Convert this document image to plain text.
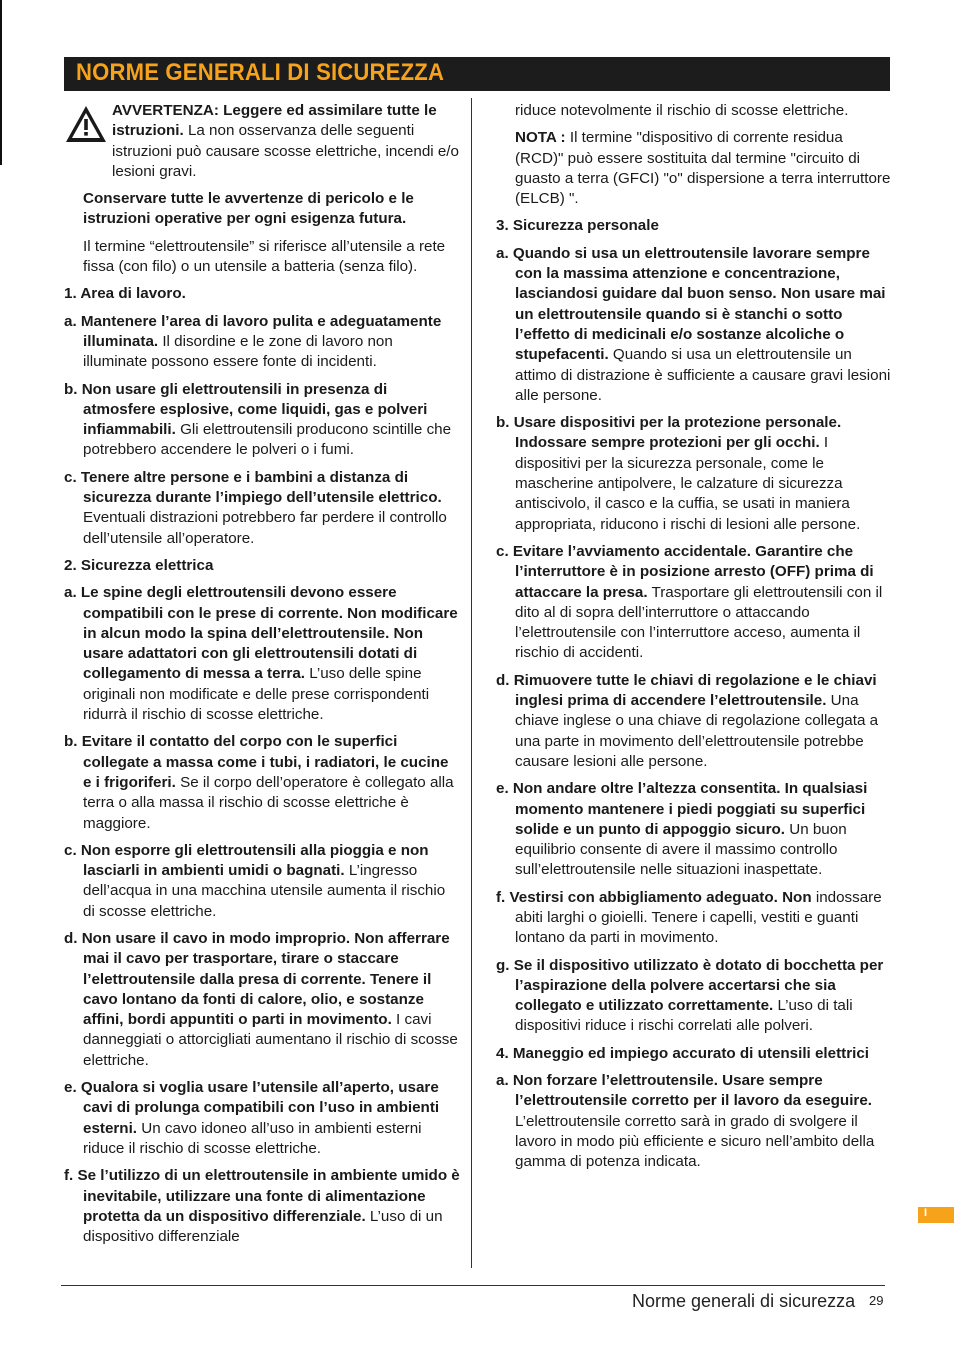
NORME GENERALI DI SICUREZZA

AVVERTENZA: Leggere ed assimilare tutte le istruzioni. La non osservanza delle seguenti istruzioni può causare scosse elettriche, incendi e/o lesioni gravi.

Conservare tutte le avvertenze di pericolo e le istruzioni operative per ogni esigenza futura.

Il termine “elettroutensile” si riferisce all’utensile a rete fissa (con filo) o un utensile a batteria (senza filo).

1. Area di lavoro.

a. Mantenere l’area di lavoro pulita e adeguatamente illuminata. Il disordine e le zone di lavoro non illuminate possono essere fonte di incidenti.

b. Non usare gli elettroutensili in presenza di atmosfere esplosive, come liquidi, gas e polveri infiammabili. Gli elettroutensili producono scintille che potrebbero accendere le polveri o i fumi.

c. Tenere altre persone e i bambini a distanza di sicurezza durante l’impiego dell’utensile elettrico. Eventuali distrazioni potrebbero far perdere il controllo dell’utensile all’operatore.

2. Sicurezza elettrica

a. Le spine degli elettroutensili devono essere compatibili con le prese di corrente. Non modificare in alcun modo la spina dell’elettroutensile. Non usare adattatori con gli elettroutensili dotati di collegamento di messa a terra. L’uso delle spine originali non modificate e delle prese corrispondenti ridurrà il rischio di scosse elettriche.

b. Evitare il contatto del corpo con le superfici collegate a massa come i tubi, i radiatori, le cucine e i frigoriferi. Se il corpo dell’operatore è collegato alla terra o alla massa il rischio di scosse elettriche è maggiore.

c. Non esporre gli elettroutensili alla pioggia e non lasciarli in ambienti umidi o bagnati. L’ingresso dell’acqua in una macchina utensile aumenta il rischio di scosse elettriche.

d. Non usare il cavo in modo improprio. Non afferrare mai il cavo per trasportare, tirare o staccare l’elettroutensile dalla presa di corrente. Tenere il cavo lontano da fonti di calore, olio, e sostanze affini, bordi appuntiti o parti in movimento. I cavi danneggiati o attorcigliati aumentano il rischio di scosse elettriche.

e. Qualora si voglia usare l’utensile all’aperto, usare cavi di prolunga compatibili con l’uso in ambienti esterni. Un cavo idoneo all’uso in ambienti esterni riduce il rischio di scosse elettriche.

f. Se l’utilizzo di un elettroutensile in ambiente umido è inevitabile, utilizzare una fonte di alimentazione protetta da un dispositivo differenziale. L’uso di un dispositivo differenziale

riduce notevolmente il rischio di scosse elettriche.

NOTA : Il termine "dispositivo di corrente residua (RCD)" può essere sostituita dal termine "circuito di guasto a terra (GFCI) "o" dispersione a terra interruttore (ELCB) ".

3. Sicurezza personale

a. Quando si usa un elettroutensile lavorare sempre con la massima attenzione e concentrazione, lasciandosi guidare dal buon senso. Non usare mai un elettroutensile quando si è stanchi o sotto l’effetto di medicinali e/o sostanze alcoliche o stupefacenti. Quando si usa un elettroutensile un attimo di distrazione è sufficiente a causare gravi lesioni alle persone.

b. Usare dispositivi per la protezione personale. Indossare sempre protezioni per gli occhi. I dispositivi per la sicurezza personale, come le mascherine antipolvere, le calzature di sicurezza antiscivolo, il casco e la cuffia, se usati in maniera appropriata, riducono i rischi di lesioni alle persone.

c. Evitare l’avviamento accidentale. Garantire che l’interruttore è in posizione arresto (OFF) prima di attaccare la presa. Trasportare gli elettroutensili con il dito al di sopra dell’interruttore o attaccando l’elettroutensile con l’interruttore acceso, aumenta il rischio di accidenti.

d. Rimuovere tutte le chiavi di regolazione e le chiavi inglesi prima di accendere l’elettroutensile. Una chiave inglese o una chiave di regolazione collegata a una parte in movimento dell’elettroutensile potrebbe causare lesioni alle persone.

e. Non andare oltre l’altezza consentita. In qualsiasi momento mantenere i piedi poggiati su superfici solide e un punto di appoggio sicuro. Un buon equilibrio consente di avere il massimo controllo sull’elettroutensile nelle situazioni inaspettate.

f. Vestirsi con abbigliamento adeguato. Non indossare abiti larghi o gioielli. Tenere i capelli, vestiti e guanti lontano da parti in movimento.

g. Se il dispositivo utilizzato è dotato di bocchetta per l’aspirazione della polvere accertarsi che sia collegato e utilizzato correttamente. L’uso di tali dispositivi riduce i rischi correlati alle polveri.

4. Maneggio ed impiego accurato di utensili elettrici

a. Non forzare l’elettroutensile. Usare sempre l’elettroutensile corretto per il lavoro da eseguire. L’elettroutensile corretto sarà in grado di svolgere il lavoro in modo più efficiente e sicuro nell’ambito della gamma di potenza indicata.

I
Norme generali di sicurezza 29
